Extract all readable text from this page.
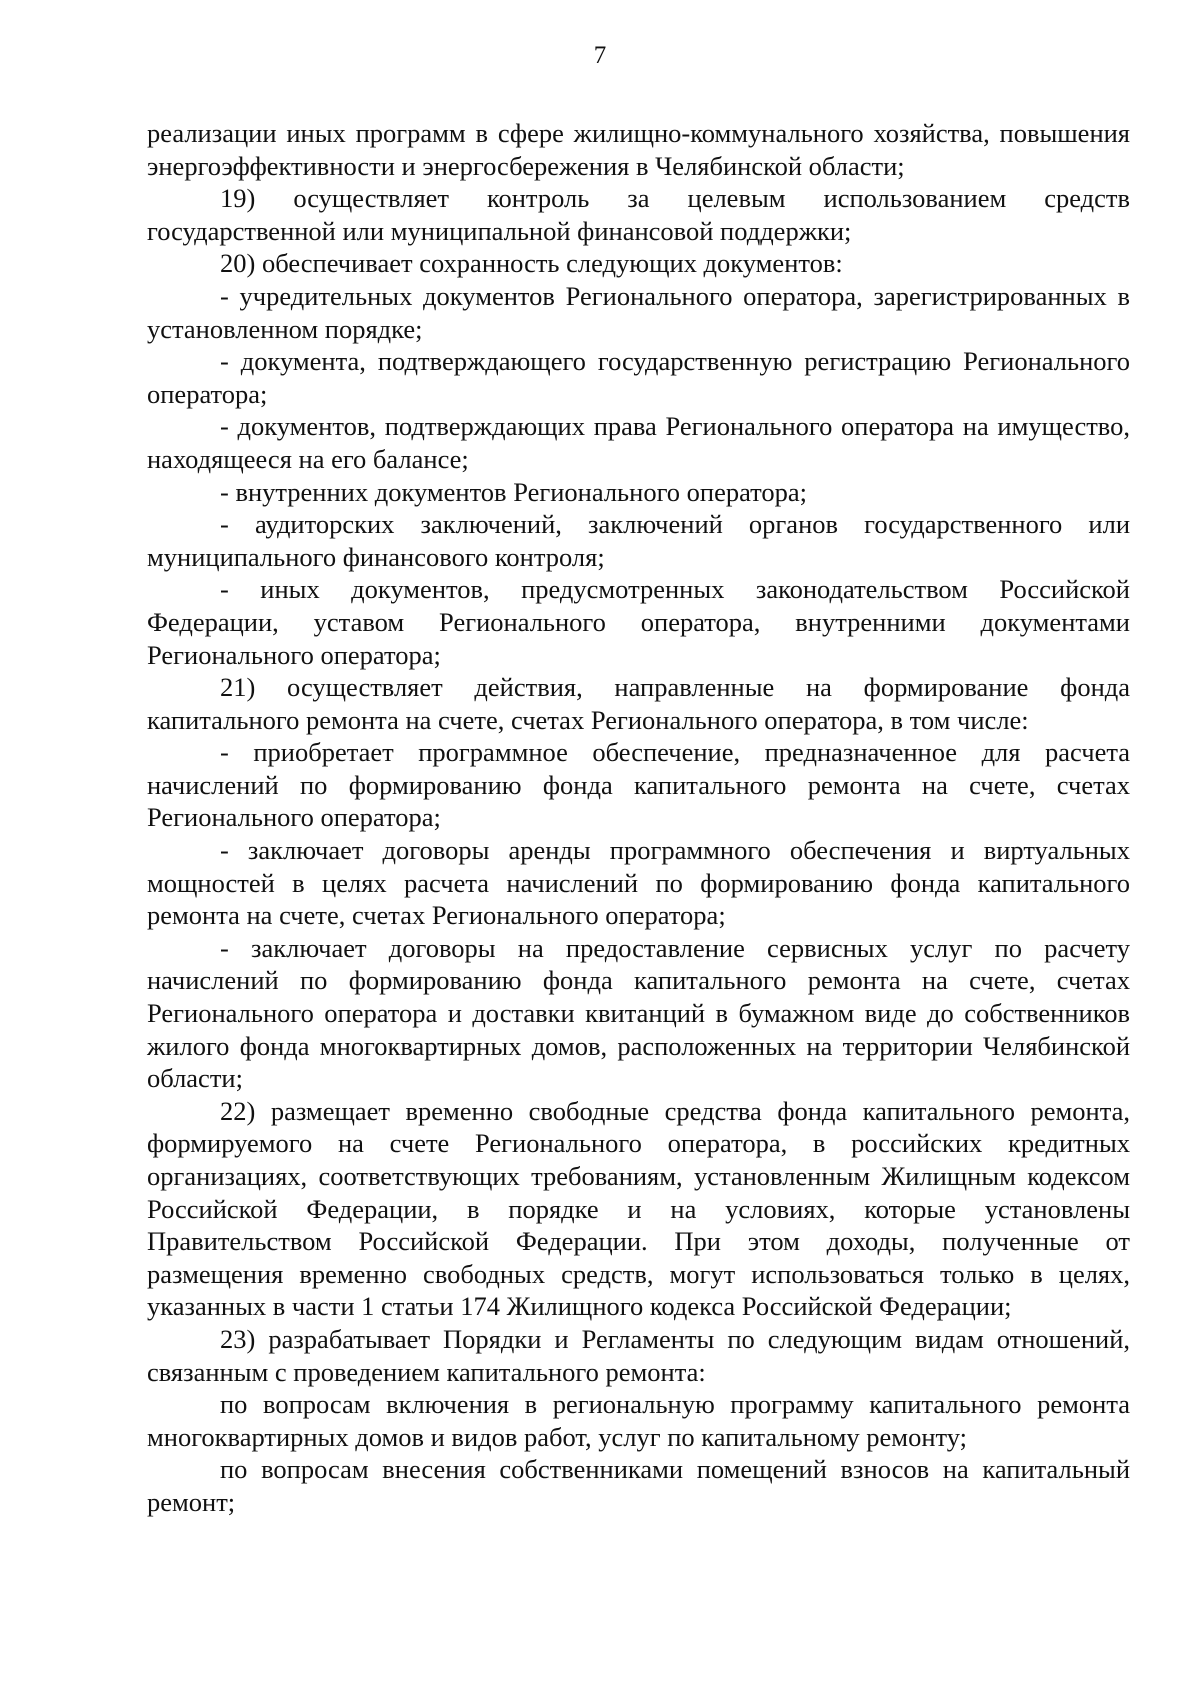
7

реализации иных программ в сфере жилищно-коммунального хозяйства, повышения энергоэффективности и энергосбережения в Челябинской области;

19) осуществляет контроль за целевым использованием средств государственной или муниципальной финансовой поддержки;

20) обеспечивает сохранность следующих документов:

- учредительных документов Регионального оператора, зарегистрированных в установленном порядке;

- документа, подтверждающего государственную регистрацию Регионального оператора;

- документов, подтверждающих права Регионального оператора на имущество, находящееся на его балансе;

- внутренних документов Регионального оператора;

- аудиторских заключений, заключений органов государственного или муниципального финансового контроля;

- иных документов, предусмотренных законодательством Российской Федерации, уставом Регионального оператора, внутренними документами Регионального оператора;

21) осуществляет действия, направленные на формирование фонда капитального ремонта на счете, счетах Регионального оператора, в том числе:

- приобретает программное обеспечение, предназначенное для расчета начислений по формированию фонда капитального ремонта на счете, счетах Регионального оператора;

- заключает договоры аренды программного обеспечения и виртуальных мощностей в целях расчета начислений по формированию фонда капитального ремонта на счете, счетах Регионального оператора;

- заключает договоры на предоставление сервисных услуг по расчету начислений по формированию фонда капитального ремонта на счете, счетах Регионального оператора и доставки квитанций в бумажном виде до собственников жилого фонда многоквартирных домов, расположенных на территории Челябинской области;

22) размещает временно свободные средства фонда капитального ремонта, формируемого на счете Регионального оператора, в российских кредитных организациях, соответствующих требованиям, установленным Жилищным кодексом Российской Федерации, в порядке и на условиях, которые установлены Правительством Российской Федерации. При этом доходы, полученные от размещения временно свободных средств, могут использоваться только в целях, указанных в части 1 статьи 174 Жилищного кодекса Российской Федерации;

23) разрабатывает Порядки и Регламенты по следующим видам отношений, связанным с проведением капитального ремонта:

по вопросам включения в региональную программу капитального ремонта многоквартирных домов и видов работ, услуг по капитальному ремонту;

по вопросам внесения собственниками помещений взносов на капитальный ремонт;
